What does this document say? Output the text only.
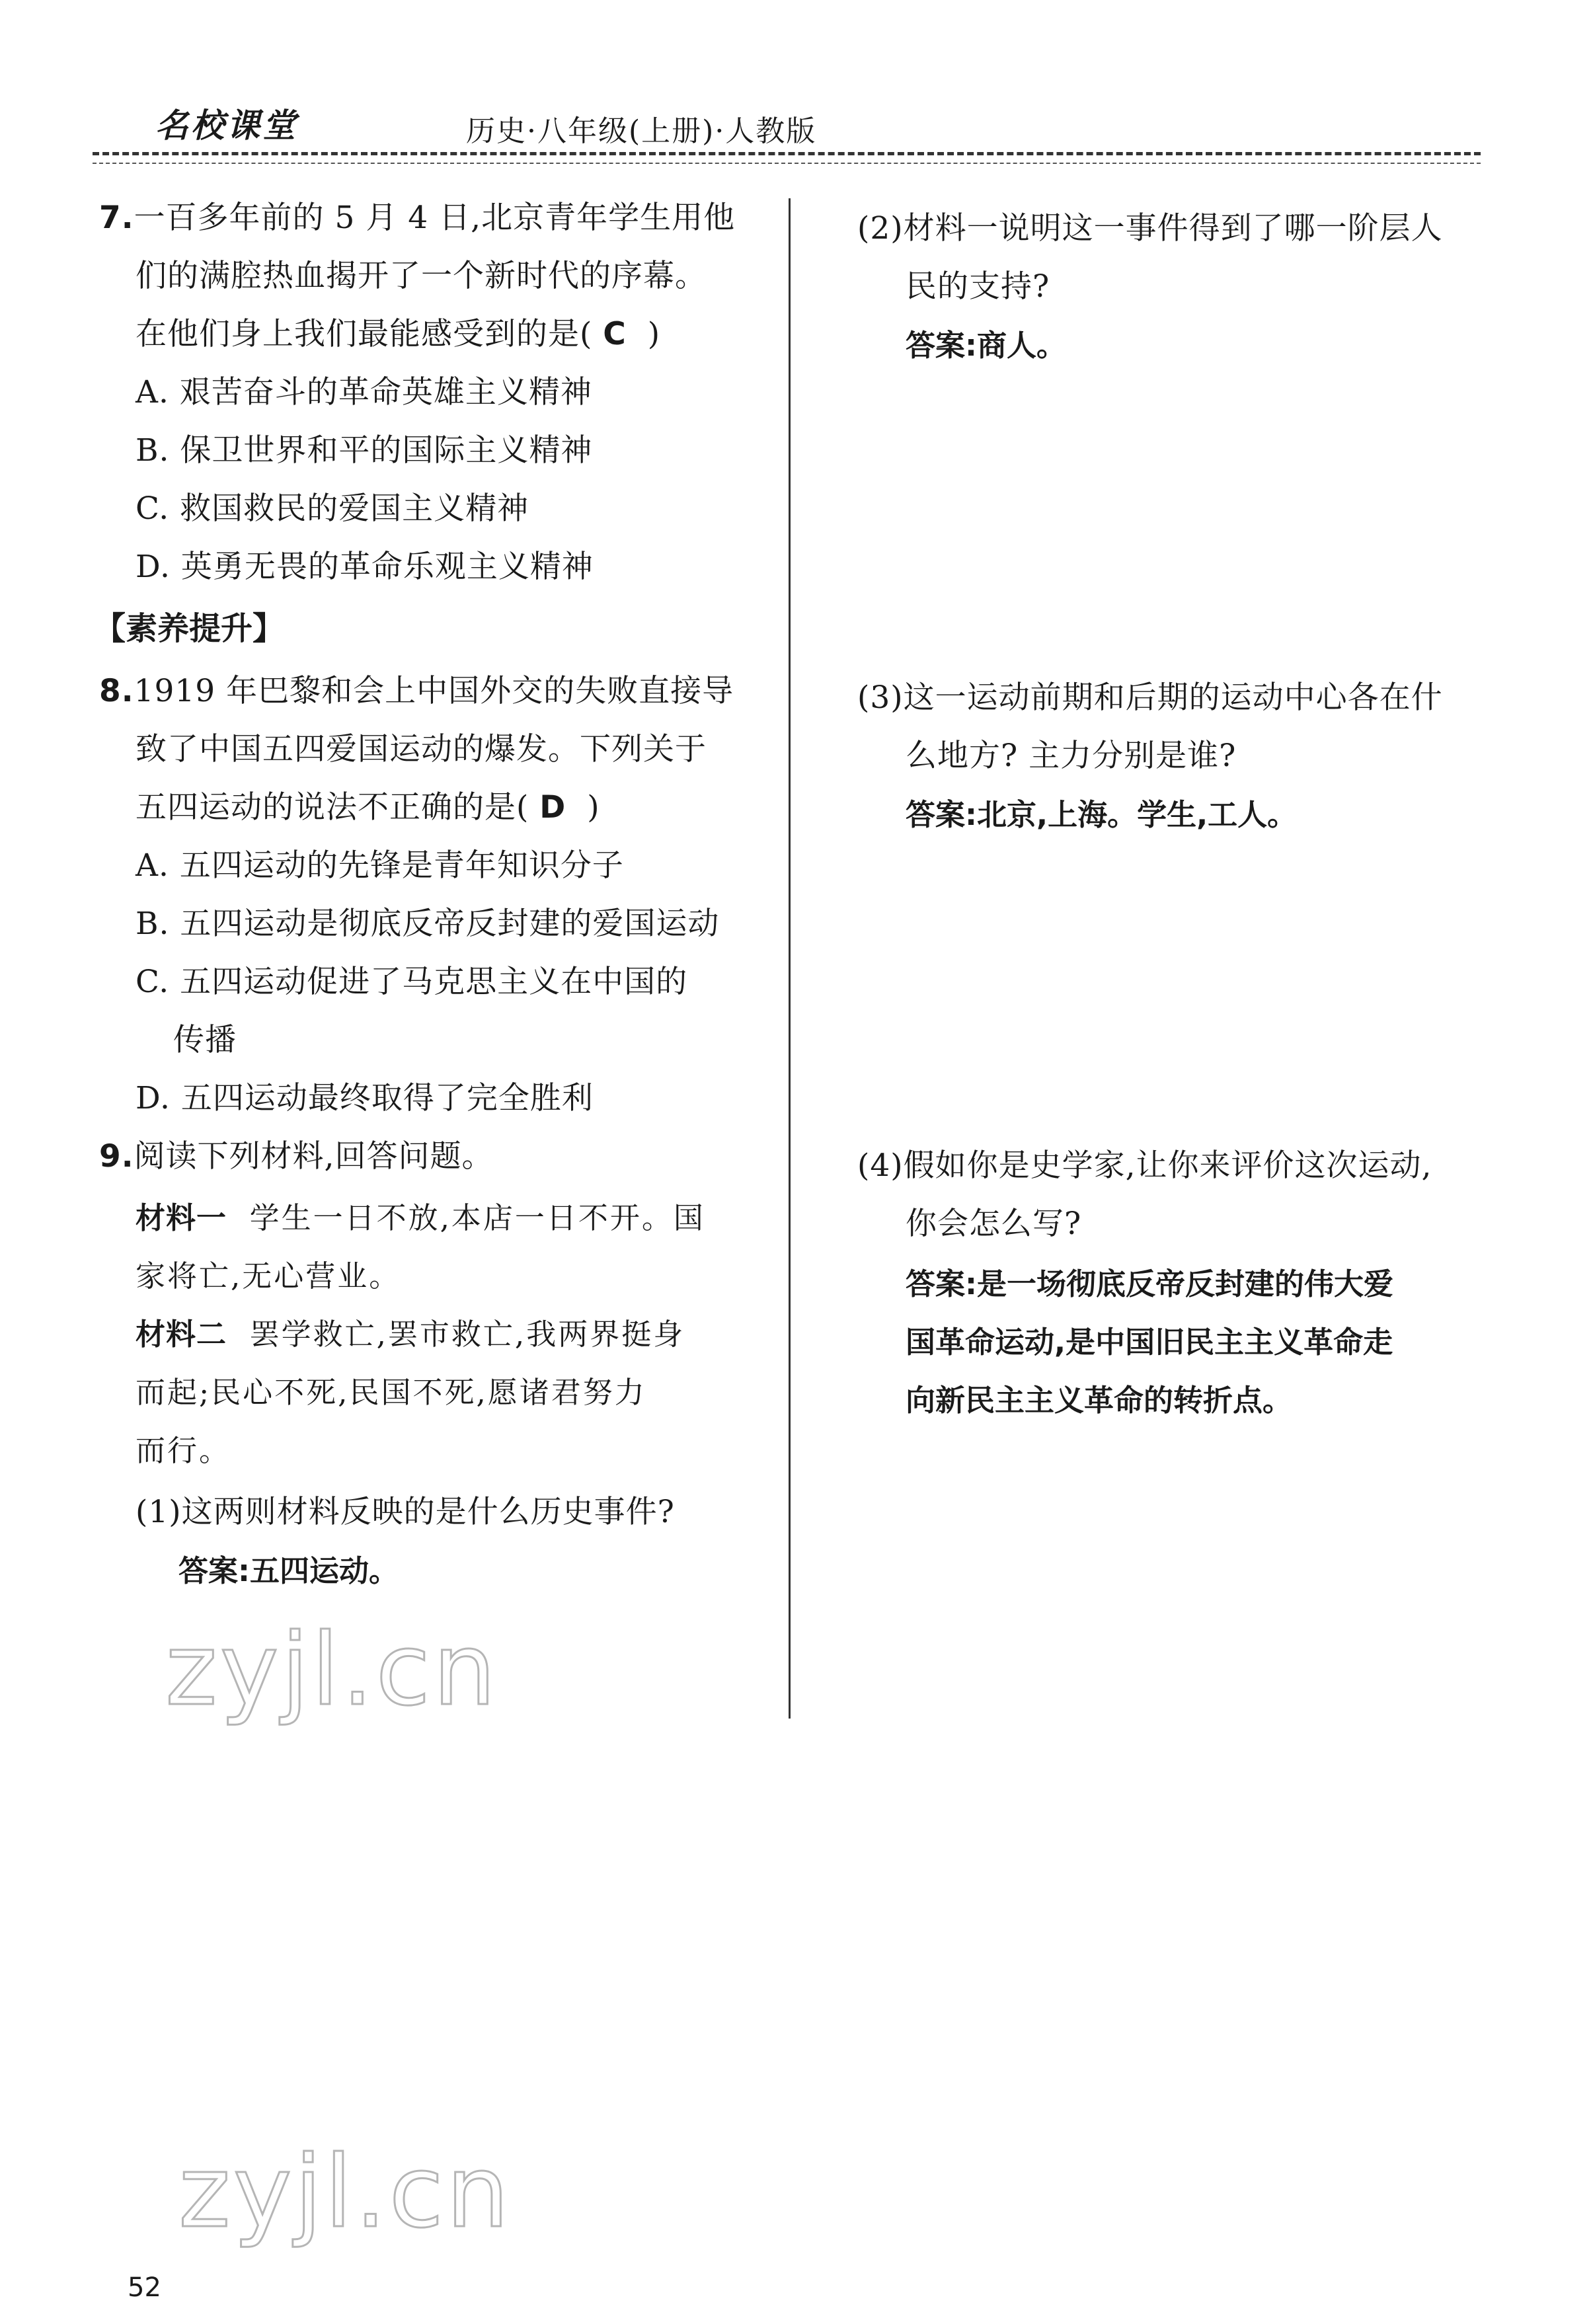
名校课堂	历史·八年级(上册)·人教版
7.一百多年前的 5 月 4 日,北京青年学生用他
们的满腔热血揭开了一个新时代的序幕。
在他们身上我们最能感受到的是( C )
A. 艰苦奋斗的革命英雄主义精神
B. 保卫世界和平的国际主义精神
C. 救国救民的爱国主义精神
D. 英勇无畏的革命乐观主义精神
【素养提升】
8.1919 年巴黎和会上中国外交的失败直接导
致了中国五四爱国运动的爆发。下列关于
五四运动的说法不正确的是( D )
A. 五四运动的先锋是青年知识分子
B. 五四运动是彻底反帝反封建的爱国运动
C. 五四运动促进了马克思主义在中国的
传播
D. 五四运动最终取得了完全胜利
9.阅读下列材料,回答问题。
材料一 学生一日不放,本店一日不开。国
家将亡,无心营业。
材料二 罢学救亡,罢市救亡,我两界挺身
而起;民心不死,民国不死,愿诸君努力
而行。
(1)这两则材料反映的是什么历史事件?
答案:五四运动。
(2)材料一说明这一事件得到了哪一阶层人
民的支持?
答案:商人。
(3)这一运动前期和后期的运动中心各在什
么地方? 主力分别是谁?
答案:北京,上海。学生,工人。
(4)假如你是史学家,让你来评价这次运动,
你会怎么写?
答案:是一场彻底反帝反封建的伟大爱
国革命运动,是中国旧民主主义革命走
向新民主主义革命的转折点。
zyjl.cn
zyjl.cn
52
